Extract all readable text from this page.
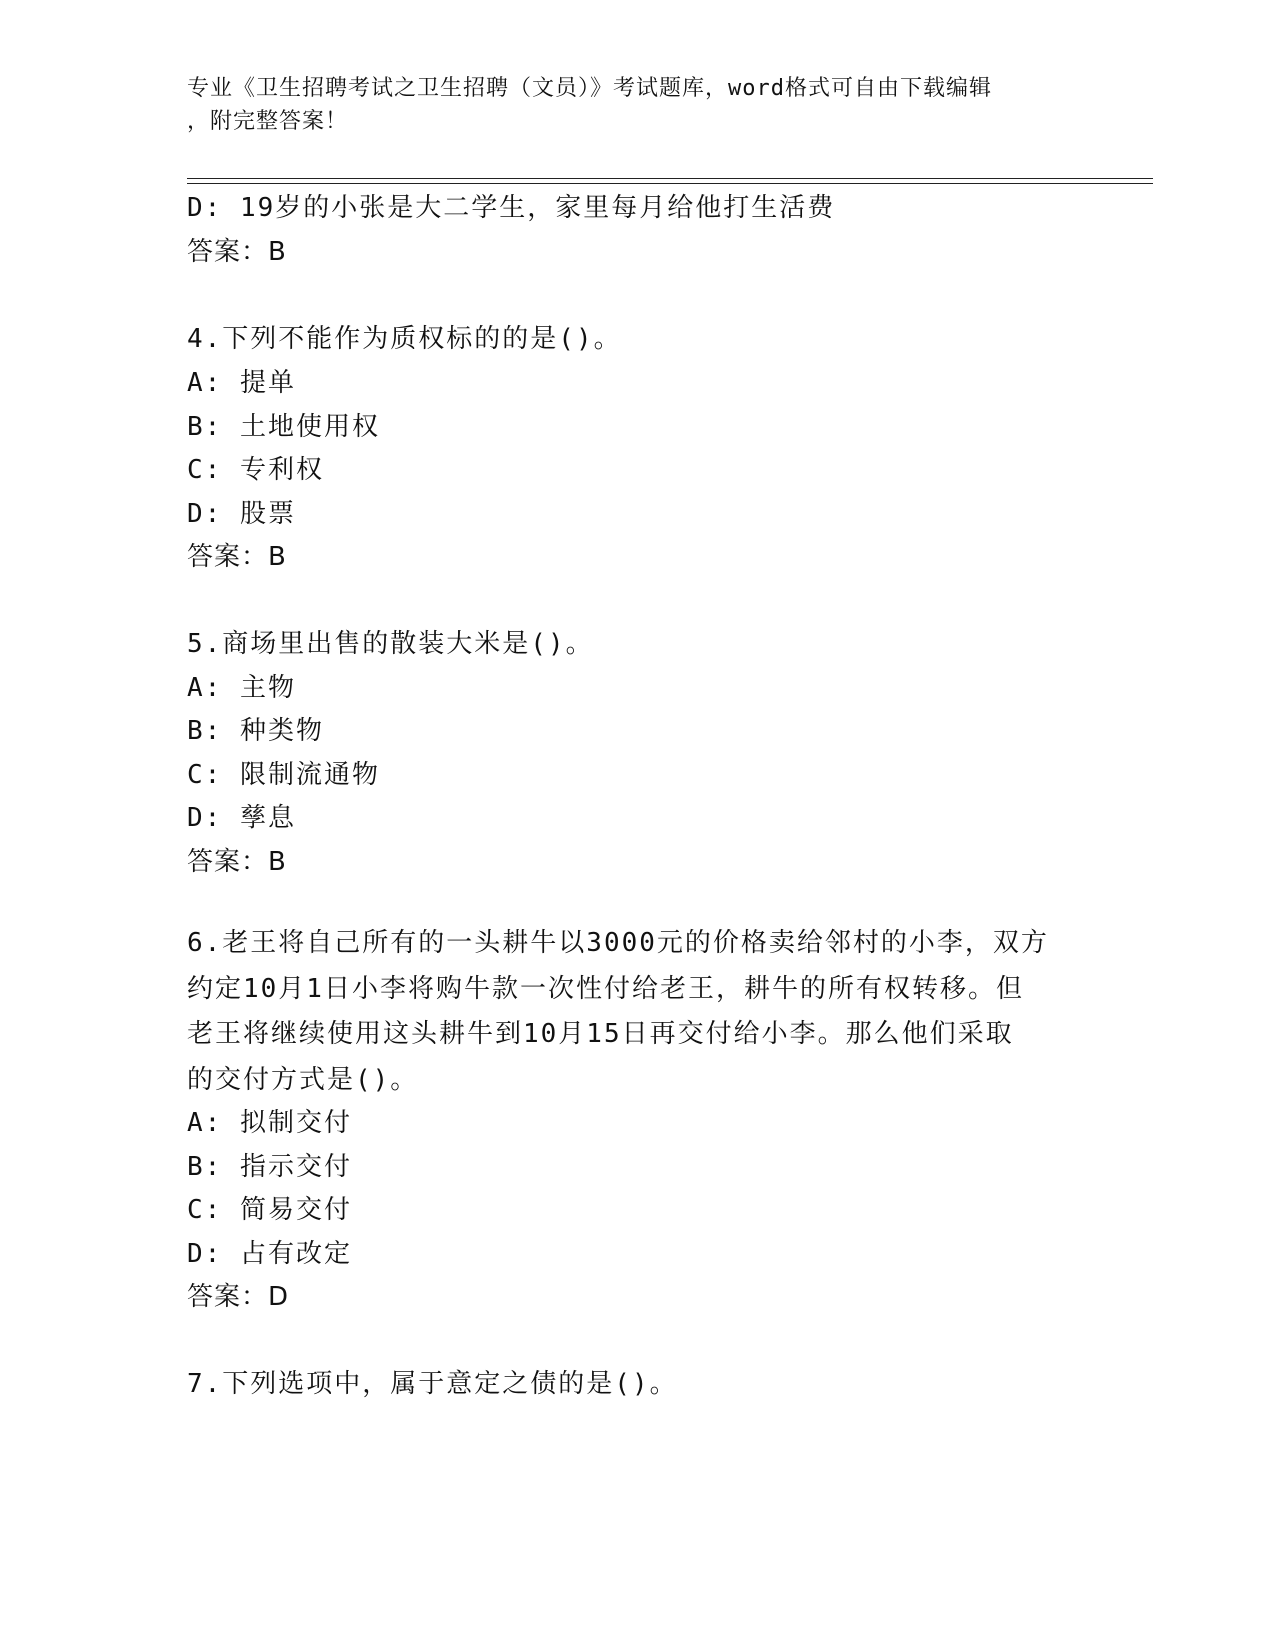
专业《卫生招聘考试之卫生招聘（文员）》考试题库，word格式可自由下载编辑
，附完整答案！
D: 19岁的小张是大二学生，家里每月给他打生活费
答案：B
4.下列不能作为质权标的的是()。
A: 提单
B: 土地使用权
C: 专利权
D: 股票
答案：B
5.商场里出售的散装大米是()。
A: 主物
B: 种类物
C: 限制流通物
D: 孳息
答案：B
6.老王将自己所有的一头耕牛以3000元的价格卖给邻村的小李，双方
约定10月1日小李将购牛款一次性付给老王，耕牛的所有权转移。但
老王将继续使用这头耕牛到10月15日再交付给小李。那么他们采取
的交付方式是()。
A: 拟制交付
B: 指示交付
C: 简易交付
D: 占有改定
答案：D
7.下列选项中，属于意定之债的是()。
